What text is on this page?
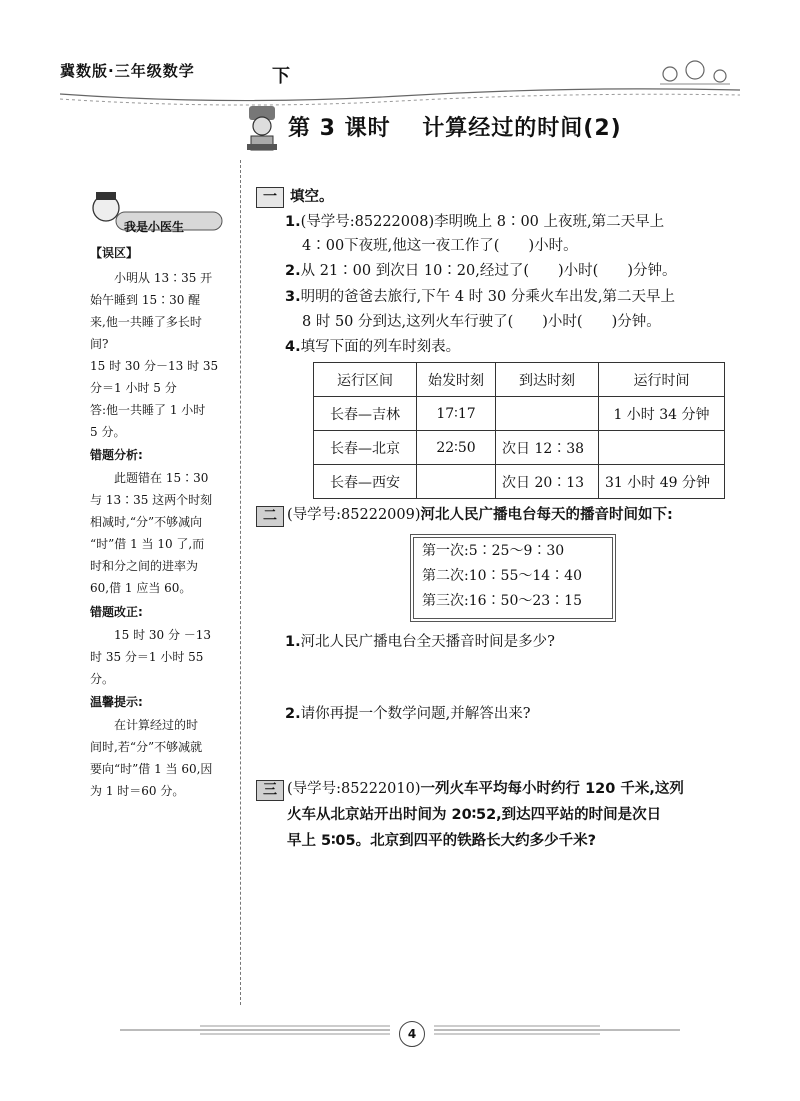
冀数版·三年级数学	下
第 3 课时　 计算经过的时间(2)
我是小医生
【误区】
小明从 13∶35 开
始午睡到 15∶30 醒
来,他一共睡了多长时
间?
15 时 30 分－13 时 35
分＝1 小时 5 分
答:他一共睡了 1 小时
5 分。
错题分析:
此题错在 15∶30
与 13∶35 这两个时刻
相减时,“分”不够减向
“时”借 1 当 10 了,而
时和分之间的进率为
60,借 1 应当 60。
错题改正:
15 时 30 分 －13
时 35 分＝1 小时 55
分。
温馨提示:
在计算经过的时
间时,若“分”不够减就
要向“时”借 1 当 60,因
为 1 时＝60 分。
一 填空。
1.(导学号:85222008)李明晚上 8∶00 上夜班,第二天早上
4∶00下夜班,他这一夜工作了(　　)小时。
2.从 21∶00 到次日 10∶20,经过了(　　)小时(　　)分钟。
3.明明的爸爸去旅行,下午 4 时 30 分乘火车出发,第二天早上
8 时 50 分到达,这列火车行驶了(　　)小时(　　)分钟。
4.填写下面的列车时刻表。
运行区间	始发时刻	到达时刻	运行时间
长春—吉林	17∶17		1 小时 34 分钟
长春—北京	22∶50	次日 12∶38	
长春—西安		次日 20∶13	31 小时 49 分钟
二 (导学号:85222009)河北人民广播电台每天的播音时间如下:
第一次:5∶25～9∶30
第二次:10∶55～14∶40
第三次:16∶50～23∶15
1.河北人民广播电台全天播音时间是多少?
2.请你再提一个数学问题,并解答出来?
三 (导学号:85222010)一列火车平均每小时约行 120 千米,这列
火车从北京站开出时间为 20∶52,到达四平站的时间是次日
早上 5∶05。北京到四平的铁路长大约多少千米?
4
